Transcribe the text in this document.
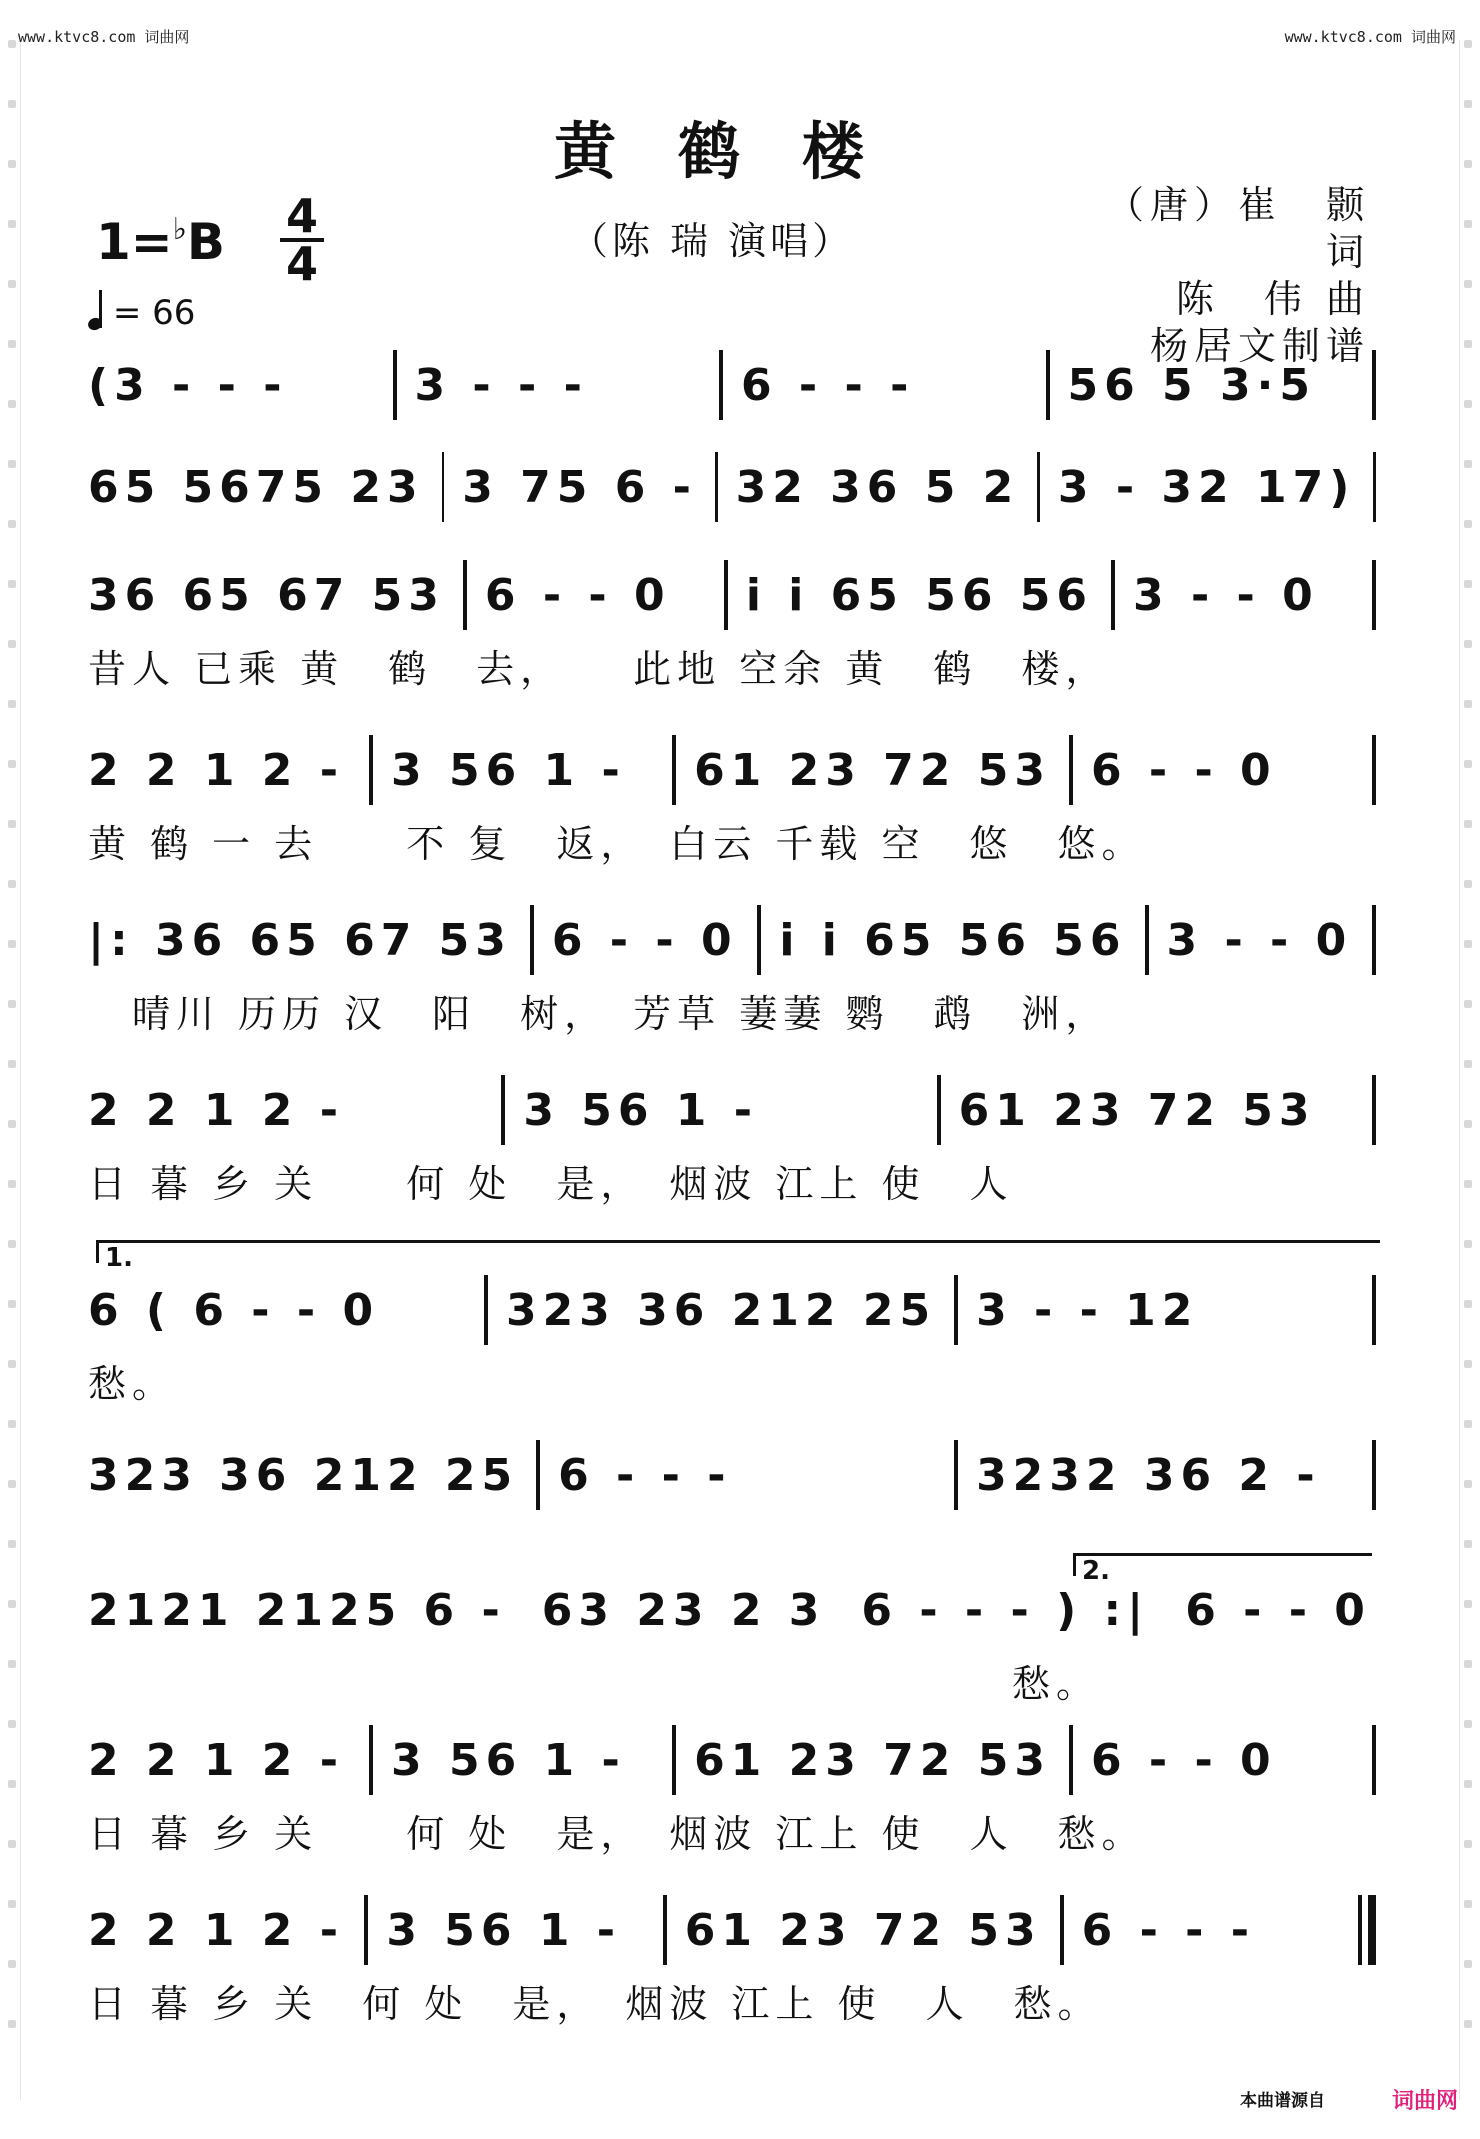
www.ktvc8.com 词曲网	www.ktvc8.com 词曲网
黄鹤楼
（陈 瑞 演唱）
（唐）崔　颢 词
陈　伟 曲
杨居文制谱
1=♭B 4
4
= 66
(3 - - -	3 - - -	6 - - -	56 5 3·5
65 5675 23 3 75 6 - 32 36 5 2 3 - 32 17)
36 65 67 53 6 - - 0	i i 65 56 56 3 - - 0
昔人 已乘 黄　鹤　去，　　此地 空余 黄　鹤　楼，
2 2 1 2 - 3 56 1 -	61 23 72 53 6 - - 0
黄 鹤 一 去　　不 复　返，　白云 千载 空　悠　悠。
|: 36 65 67 53 6 - - 0 i i 65 56 56 3 - - 0
　晴川 历历 汉　阳　树，　芳草 萋萋 鹦　鹉　洲，
2 2 1 2 -	3 56 1 -	61 23 72 53
日 暮 乡 关　　何 处　是，　烟波 江上 使　人
6 ( 6 - - 0	323 36 212 25 3 - - 12
愁。
323 36 212 25 6 - - -	3232 36 2 -
2121 2125 6 - 63 23 2 3 6 - - - ) :| 6 - - 0
　　　　　　　　　　　　　　　　　　　　　愁。
2 2 1 2 - 3 56 1 -	61 23 72 53 6 - - 0
日 暮 乡 关　　何 处　是，　烟波 江上 使　人　愁。
2 2 1 2 - 3 56 1 -	61 23 72 53 6 - - -
日 暮 乡 关　何 处　是，　烟波 江上 使　人　愁。
1.
2.
本曲谱源自	词曲网
